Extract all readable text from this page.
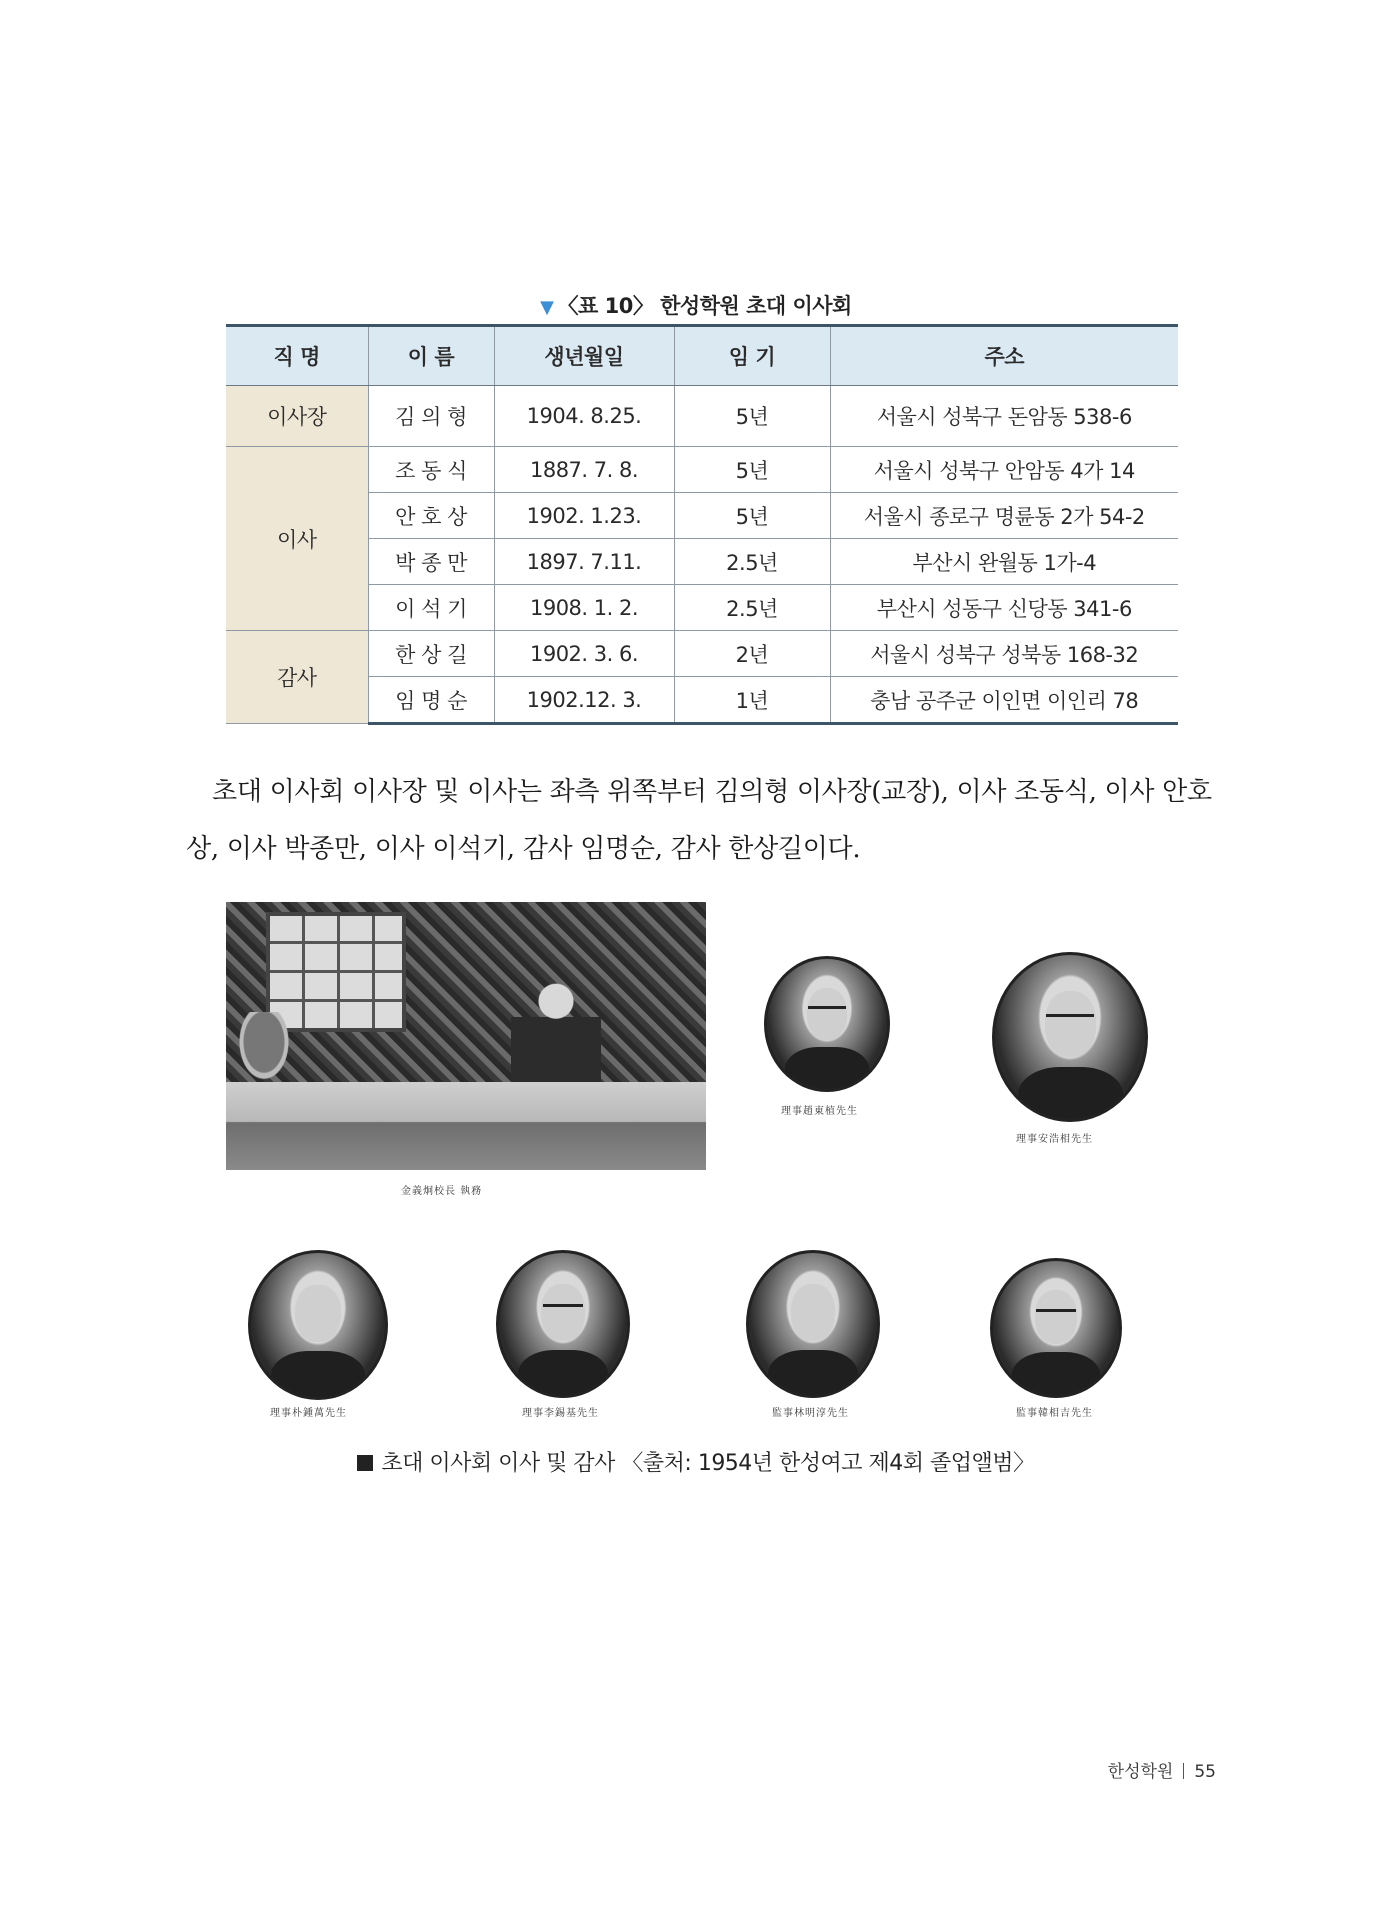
▼ 〈표 10〉 한성학원 초대 이사회
직 명	이 름	생년월일	임 기	주소
이사장	김 의 형	1904. 8.25.	5년	서울시 성북구 돈암동 538-6
이사	조 동 식	1887. 7. 8.	5년	서울시 성북구 안암동 4가 14
	안 호 상	1902. 1.23.	5년	서울시 종로구 명륜동 2가 54-2
	박 종 만	1897. 7.11.	2.5년	부산시 완월동 1가-4
	이 석 기	1908. 1. 2.	2.5년	부산시 성동구 신당동 341-6
감사	한 상 길	1902. 3. 6.	2년	서울시 성북구 성북동 168-32
	임 명 순	1902.12. 3.	1년	충남 공주군 이인면 이인리 78

초대 이사회 이사장 및 이사는 좌측 위쪽부터 김의형 이사장(교장), 이사 조동식, 이사 안호상, 이사 박종만, 이사 이석기, 감사 임명순, 감사 한상길이다.

金義炯校長 執務
理事趙東植先生
理事安浩相先生
理事朴鍾萬先生	理事李錫基先生	監事林明淳先生	監事韓相吉先生
초대 이사회 이사 및 감사 〈출처: 1954년 한성여고 제4회 졸업앨범〉
한성학원 55
